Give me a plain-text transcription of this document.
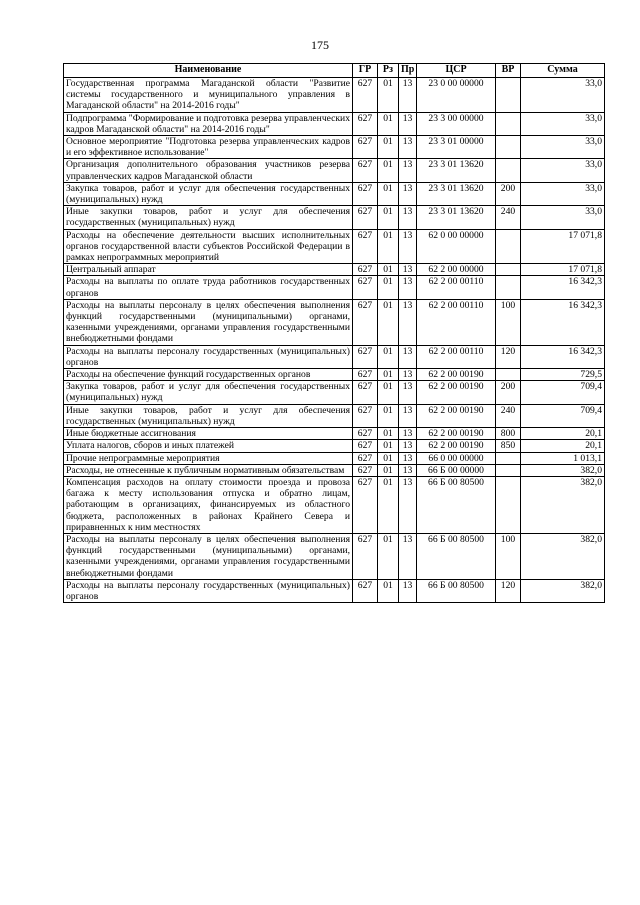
175
Наименование	ГР	Рз	Пр	ЦСР	ВР	Сумма
Государственная программа Магаданской области "Развитие системы государственного и муниципального управления в Магаданской области" на 2014-2016 годы"	627	01	13	23 0 00 00000		33,0
Подпрограмма "Формирование и подготовка резерва управленческих кадров Магаданской области" на 2014-2016 годы"	627	01	13	23 3 00 00000		33,0
Основное мероприятие "Подготовка резерва управленческих кадров и его эффективное использование"	627	01	13	23 3 01 00000		33,0
Организация дополнительного образования участников резерва управленческих кадров Магаданской области	627	01	13	23 3 01 13620		33,0
Закупка товаров, работ и услуг для обеспечения государственных (муниципальных) нужд	627	01	13	23 3 01 13620	200	33,0
Иные закупки товаров, работ и услуг для обеспечения государственных (муниципальных) нужд	627	01	13	23 3 01 13620	240	33,0
Расходы на обеспечение деятельности высших исполнительных органов государственной власти субъектов Российской Федерации в рамках непрограммных мероприятий	627	01	13	62 0 00 00000		17 071,8
Центральный аппарат	627	01	13	62 2 00 00000		17 071,8
Расходы на выплаты по оплате труда работников государственных органов	627	01	13	62 2 00 00110		16 342,3
Расходы на выплаты персоналу в целях обеспечения выполнения функций государственными (муниципальными) органами, казенными учреждениями, органами управления государственными внебюджетными фондами	627	01	13	62 2 00 00110	100	16 342,3
Расходы на выплаты персоналу государственных (муниципальных) органов	627	01	13	62 2 00 00110	120	16 342,3
Расходы на обеспечение функций государственных органов	627	01	13	62 2 00 00190		729,5
Закупка товаров, работ и услуг для обеспечения государственных (муниципальных) нужд	627	01	13	62 2 00 00190	200	709,4
Иные закупки товаров, работ и услуг для обеспечения государственных (муниципальных) нужд	627	01	13	62 2 00 00190	240	709,4
Иные бюджетные ассигнования	627	01	13	62 2 00 00190	800	20,1
Уплата налогов, сборов и иных платежей	627	01	13	62 2 00 00190	850	20,1
Прочие непрограммные мероприятия	627	01	13	66 0 00 00000		1 013,1
Расходы, не отнесенные к публичным нормативным обязательствам	627	01	13	66 Б 00 00000		382,0
Компенсация расходов на оплату стоимости проезда и провоза багажа к месту использования отпуска и обратно лицам, работающим в организациях, финансируемых из областного бюджета, расположенных в районах Крайнего Севера и приравненных к ним местностях	627	01	13	66 Б 00 80500		382,0
Расходы на выплаты персоналу в целях обеспечения выполнения функций государственными (муниципальными) органами, казенными учреждениями, органами управления государственными внебюджетными фондами	627	01	13	66 Б 00 80500	100	382,0
Расходы на выплаты персоналу государственных (муниципальных) органов	627	01	13	66 Б 00 80500	120	382,0
